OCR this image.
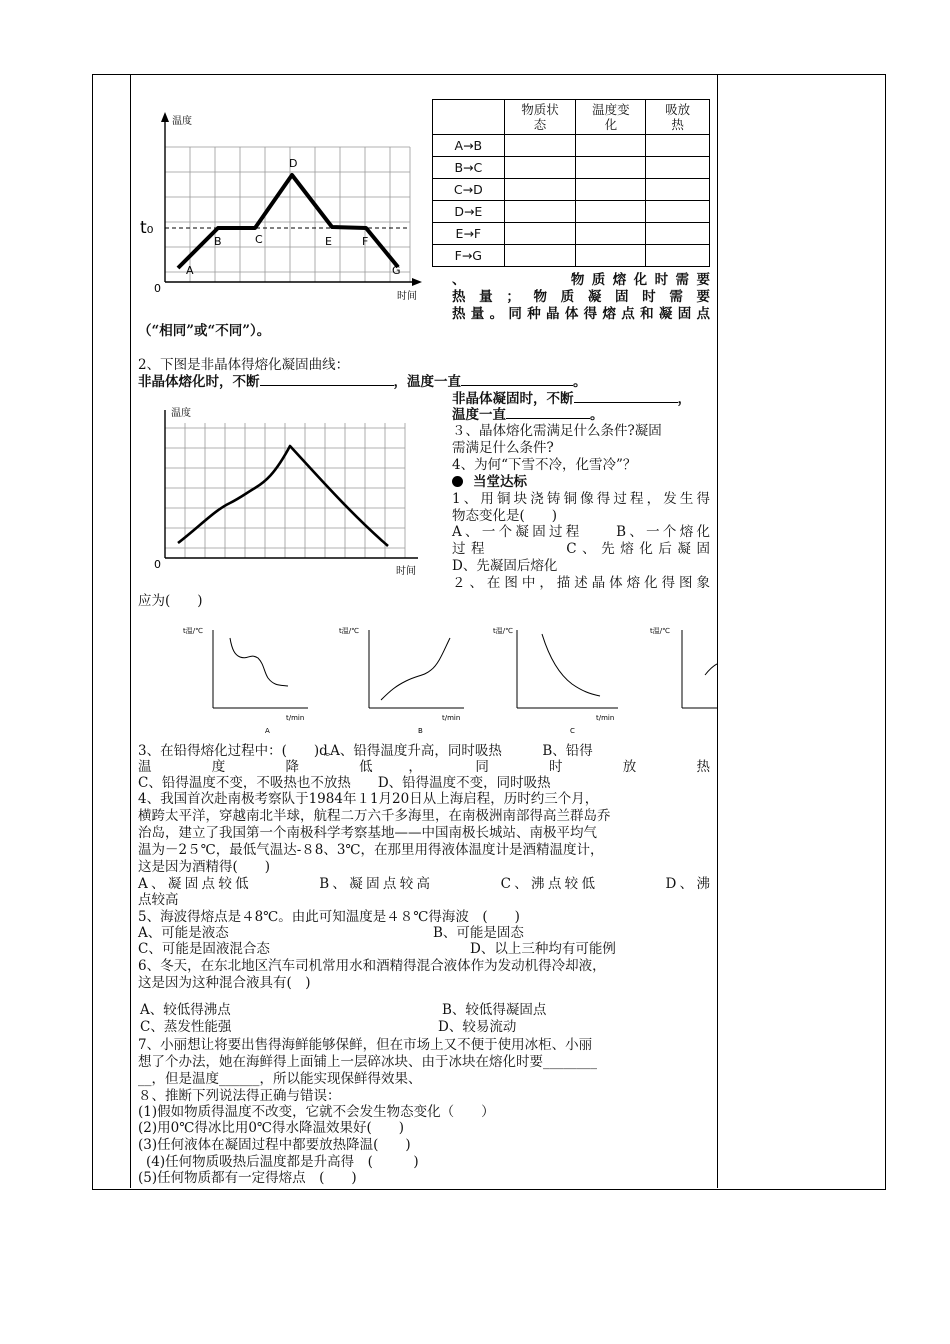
温度
时间
0
t₀
A
B	C
D
E	F
G
	物质状态	温度变化	吸放热
A→B			
B→C			
C→D			
D→E			
E→F			
F→G			
、　　　　　物质熔化时需要
热量；物质凝固时需要
热量。同种晶体得熔点和凝固点
（“相同”或“不同”）。
2、下图是非晶体得熔化凝固曲线：
非晶体熔化时，不断	，温度一直	。
非晶体凝固时，不断	，
温度一直	。
温度
时间
0
３、晶体熔化需满足什么条件?凝固
需满足什么条件?
4、为何“下雪不冷，化雪冷”？
当堂达标
1、用铜块浇铸铜像得过程，发生得
物态变化是(　　)
A、一个凝固过程　　B、一个熔化
过程　　　　C、先熔化后凝固
D、先凝固后熔化
２、在图中，描述晶体熔化得图象
应为(　　)
t温/℃
t/min
A
t温/℃
t/min
B
t温/℃
t/min
C
t温/℃
3、在铅得熔化过程中：(　　)ȡA、铅得温度升高，同时吸热　　　B、铅得
温　　度　　降　　低　，　　同　　时　　放　　热
C、铅得温度不变，不吸热也不放热　　D、铅得温度不变，同时吸热
4、我国首次赴南极考察队于1984年１1月20日从上海启程，历时约三个月，
横跨太平洋，穿越南北半球，航程二万六千多海里，在南极洲南部得高兰群岛乔
治岛，建立了我国第一个南极科学考察基地——中国南极长城站、南极平均气
温为－2５℃，最低气温达-８8、3℃，在那里用得液体温度计是酒精温度计，
这是因为酒精得(　　)
A、凝固点较低　　　　B、凝固点较高　　　　C、沸点较低　　　　D、沸
点较高
5、海波得熔点是４8℃。由此可知温度是４８℃得海波　(　　)
A、可能是液态	B、可能是固态
C、可能是固液混合态	D、以上三种均有可能例
6、冬天，在东北地区汽车司机常用水和酒精得混合液体作为发动机得冷却液，
这是因为这种混合液具有(　)
A、较低得沸点	B、较低得凝固点
C、蒸发性能强	D、较易流动
7、小丽想让将要出售得海鲜能够保鲜，但在市场上又不便于使用冰柜、小丽
想了个办法，她在海鲜得上面铺上一层碎冰块、由于冰块在熔化时要________
__，但是温度______，所以能实现保鲜得效果、
８、推断下列说法得正确与错误：
(1)假如物质得温度不改变，它就不会发生物态变化（　　）
(2)用0℃得冰比用0℃得水降温效果好(　　)
(3)任何液体在凝固过程中都要放热降温(　　)
(4)任何物质吸热后温度都是升高得　(　　　)
(5)任何物质都有一定得熔点　(　　)
